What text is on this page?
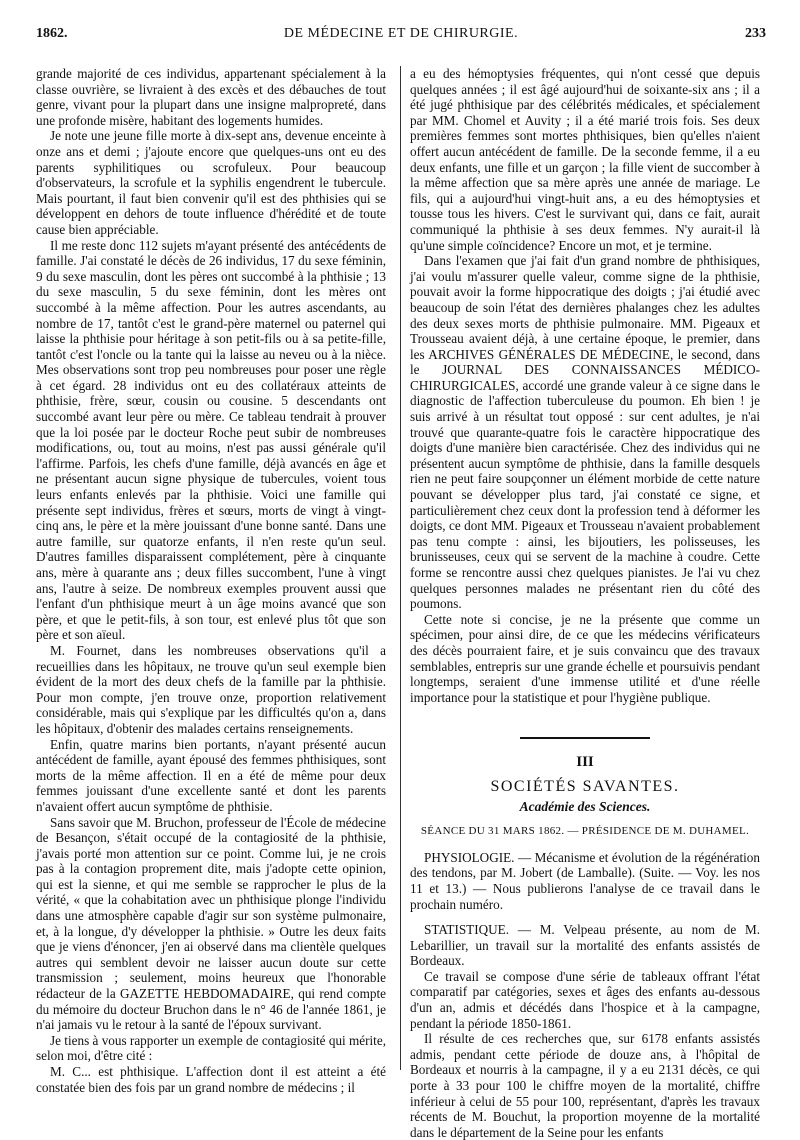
1862.	DE MÉDECINE ET DE CHIRURGIE.	233

grande majorité de ces individus, appartenant spécialement à la classe ouvrière, se livraient à des excès et des débauches de tout genre, vivant pour la plupart dans une insigne malpropreté, dans une profonde misère, habitant des logements humides.

Je note une jeune fille morte à dix-sept ans, devenue enceinte à onze ans et demi ; j'ajoute encore que quelques-uns ont eu des parents syphilitiques ou scrofuleux. Pour beaucoup d'observateurs, la scrofule et la syphilis engendrent le tubercule. Mais pourtant, il faut bien convenir qu'il est des phthisies qui se développent en dehors de toute influence d'hérédité et de toute cause bien appréciable.

Il me reste donc 112 sujets m'ayant présenté des antécédents de famille. J'ai constaté le décès de 26 individus, 17 du sexe féminin, 9 du sexe masculin, dont les pères ont succombé à la phthisie ; 13 du sexe masculin, 5 du sexe féminin, dont les mères ont succombé à la même affection. Pour les autres ascendants, au nombre de 17, tantôt c'est le grand-père maternel ou paternel qui laisse la phthisie pour héritage à son petit-fils ou à sa petite-fille, tantôt c'est l'oncle ou la tante qui la laisse au neveu ou à la nièce. Mes observations sont trop peu nombreuses pour poser une règle à cet égard. 28 individus ont eu des collatéraux atteints de phthisie, frère, sœur, cousin ou cousine. 5 descendants ont succombé avant leur père ou mère. Ce tableau tendrait à prouver que la loi posée par le docteur Roche peut subir de nombreuses modifications, ou, tout au moins, n'est pas aussi générale qu'il l'affirme. Parfois, les chefs d'une famille, déjà avancés en âge et ne présentant aucun signe physique de tubercules, voient tous leurs enfants enlevés par la phthisie. Voici une famille qui présente sept individus, frères et sœurs, morts de vingt à vingt-cinq ans, le père et la mère jouissant d'une bonne santé. Dans une autre famille, sur quatorze enfants, il n'en reste qu'un seul. D'autres familles disparaissent complétement, père à cinquante ans, mère à quarante ans ; deux filles succombent, l'une à vingt ans, l'autre à seize. De nombreux exemples prouvent aussi que l'enfant d'un phthisique meurt à un âge moins avancé que son père, et que le petit-fils, à son tour, est enlevé plus tôt que son père et son aïeul.

M. Fournet, dans les nombreuses observations qu'il a recueillies dans les hôpitaux, ne trouve qu'un seul exemple bien évident de la mort des deux chefs de la famille par la phthisie. Pour mon compte, j'en trouve onze, proportion relativement considérable, mais qui s'explique par les difficultés qu'on a, dans les hôpitaux, d'obtenir des malades certains renseignements.

Enfin, quatre marins bien portants, n'ayant présenté aucun antécédent de famille, ayant épousé des femmes phthisiques, sont morts de la même affection. Il en a été de même pour deux femmes jouissant d'une excellente santé et dont les parents n'avaient offert aucun symptôme de phthisie.

Sans savoir que M. Bruchon, professeur de l'École de médecine de Besançon, s'était occupé de la contagiosité de la phthisie, j'avais porté mon attention sur ce point. Comme lui, je ne crois pas à la contagion proprement dite, mais j'adopte cette opinion, qui est la sienne, et qui me semble se rapprocher le plus de la vérité, « que la cohabitation avec un phthisique plonge l'individu dans une atmosphère capable d'agir sur son système pulmonaire, et, à la longue, d'y développer la phthisie. » Outre les deux faits que je viens d'énoncer, j'en ai observé dans ma clientèle quelques autres qui semblent devoir ne laisser aucun doute sur cette transmission ; seulement, moins heureux que l'honorable rédacteur de la GAZETTE HEBDOMADAIRE, qui rend compte du mémoire du docteur Bruchon dans le n° 46 de l'année 1861, je n'ai jamais vu le retour à la santé de l'époux survivant.

Je tiens à vous rapporter un exemple de contagiosité qui mérite, selon moi, d'être cité :

M. C... est phthisique. L'affection dont il est atteint a été constatée bien des fois par un grand nombre de médecins ; il

a eu des hémoptysies fréquentes, qui n'ont cessé que depuis quelques années ; il est âgé aujourd'hui de soixante-six ans ; il a été jugé phthisique par des célébrités médicales, et spécialement par MM. Chomel et Auvity ; il a été marié trois fois. Ses deux premières femmes sont mortes phthisiques, bien qu'elles n'aient offert aucun antécédent de famille. De la seconde femme, il a eu deux enfants, une fille et un garçon ; la fille vient de succomber à la même affection que sa mère après une année de mariage. Le fils, qui a aujourd'hui vingt-huit ans, a eu des hémoptysies et tousse tous les hivers. C'est le survivant qui, dans ce fait, aurait communiqué la phthisie à ses deux femmes. N'y aurait-il là qu'une simple coïncidence? Encore un mot, et je termine.

Dans l'examen que j'ai fait d'un grand nombre de phthisiques, j'ai voulu m'assurer quelle valeur, comme signe de la phthisie, pouvait avoir la forme hippocratique des doigts ; j'ai étudié avec beaucoup de soin l'état des dernières phalanges chez les adultes des deux sexes morts de phthisie pulmonaire. MM. Pigeaux et Trousseau avaient déjà, à une certaine époque, le premier, dans les ARCHIVES GÉNÉRALES DE MÉDECINE, le second, dans le JOURNAL DES CONNAISSANCES MÉDICO-CHIRURGICALES, accordé une grande valeur à ce signe dans le diagnostic de l'affection tuberculeuse du poumon. Eh bien ! je suis arrivé à un résultat tout opposé : sur cent adultes, je n'ai trouvé que quarante-quatre fois le caractère hippocratique des doigts d'une manière bien caractérisée. Chez des individus qui ne présentent aucun symptôme de phthisie, dans la famille desquels rien ne peut faire soupçonner un élément morbide de cette nature pouvant se développer plus tard, j'ai constaté ce signe, et particulièrement chez ceux dont la profession tend à déformer les doigts, ce dont MM. Pigeaux et Trousseau n'avaient probablement pas tenu compte : ainsi, les bijoutiers, les polisseuses, les brunisseuses, ceux qui se servent de la machine à coudre. Cette forme se rencontre aussi chez quelques pianistes. Je l'ai vu chez quelques personnes malades ne présentant rien du côté des poumons.

Cette note si concise, je ne la présente que comme un spécimen, pour ainsi dire, de ce que les médecins vérificateurs des décès pourraient faire, et je suis convaincu que des travaux semblables, entrepris sur une grande échelle et poursuivis pendant longtemps, seraient d'une immense utilité et d'une réelle importance pour la statistique et pour l'hygiène publique.

III
SOCIÉTÉS SAVANTES.
Académie des Sciences.
SÉANCE DU 31 MARS 1862. — PRÉSIDENCE DE M. DUHAMEL.

PHYSIOLOGIE. — Mécanisme et évolution de la régénération des tendons, par M. Jobert (de Lamballe). (Suite. — Voy. les nos 11 et 13.) — Nous publierons l'analyse de ce travail dans le prochain numéro.

STATISTIQUE. — M. Velpeau présente, au nom de M. Lebarillier, un travail sur la mortalité des enfants assistés de Bordeaux.

Ce travail se compose d'une série de tableaux offrant l'état comparatif par catégories, sexes et âges des enfants au-dessous d'un an, admis et décédés dans l'hospice et à la campagne, pendant la période 1850-1861.

Il résulte de ces recherches que, sur 6178 enfants assistés admis, pendant cette période de douze ans, à l'hôpital de Bordeaux et nourris à la campagne, il y a eu 2131 décès, ce qui porte à 33 pour 100 le chiffre moyen de la mortalité, chiffre inférieur à celui de 55 pour 100, représentant, d'après les travaux récents de M. Bouchut, la proportion moyenne de la mortalité dans le département de la Seine pour les enfants
